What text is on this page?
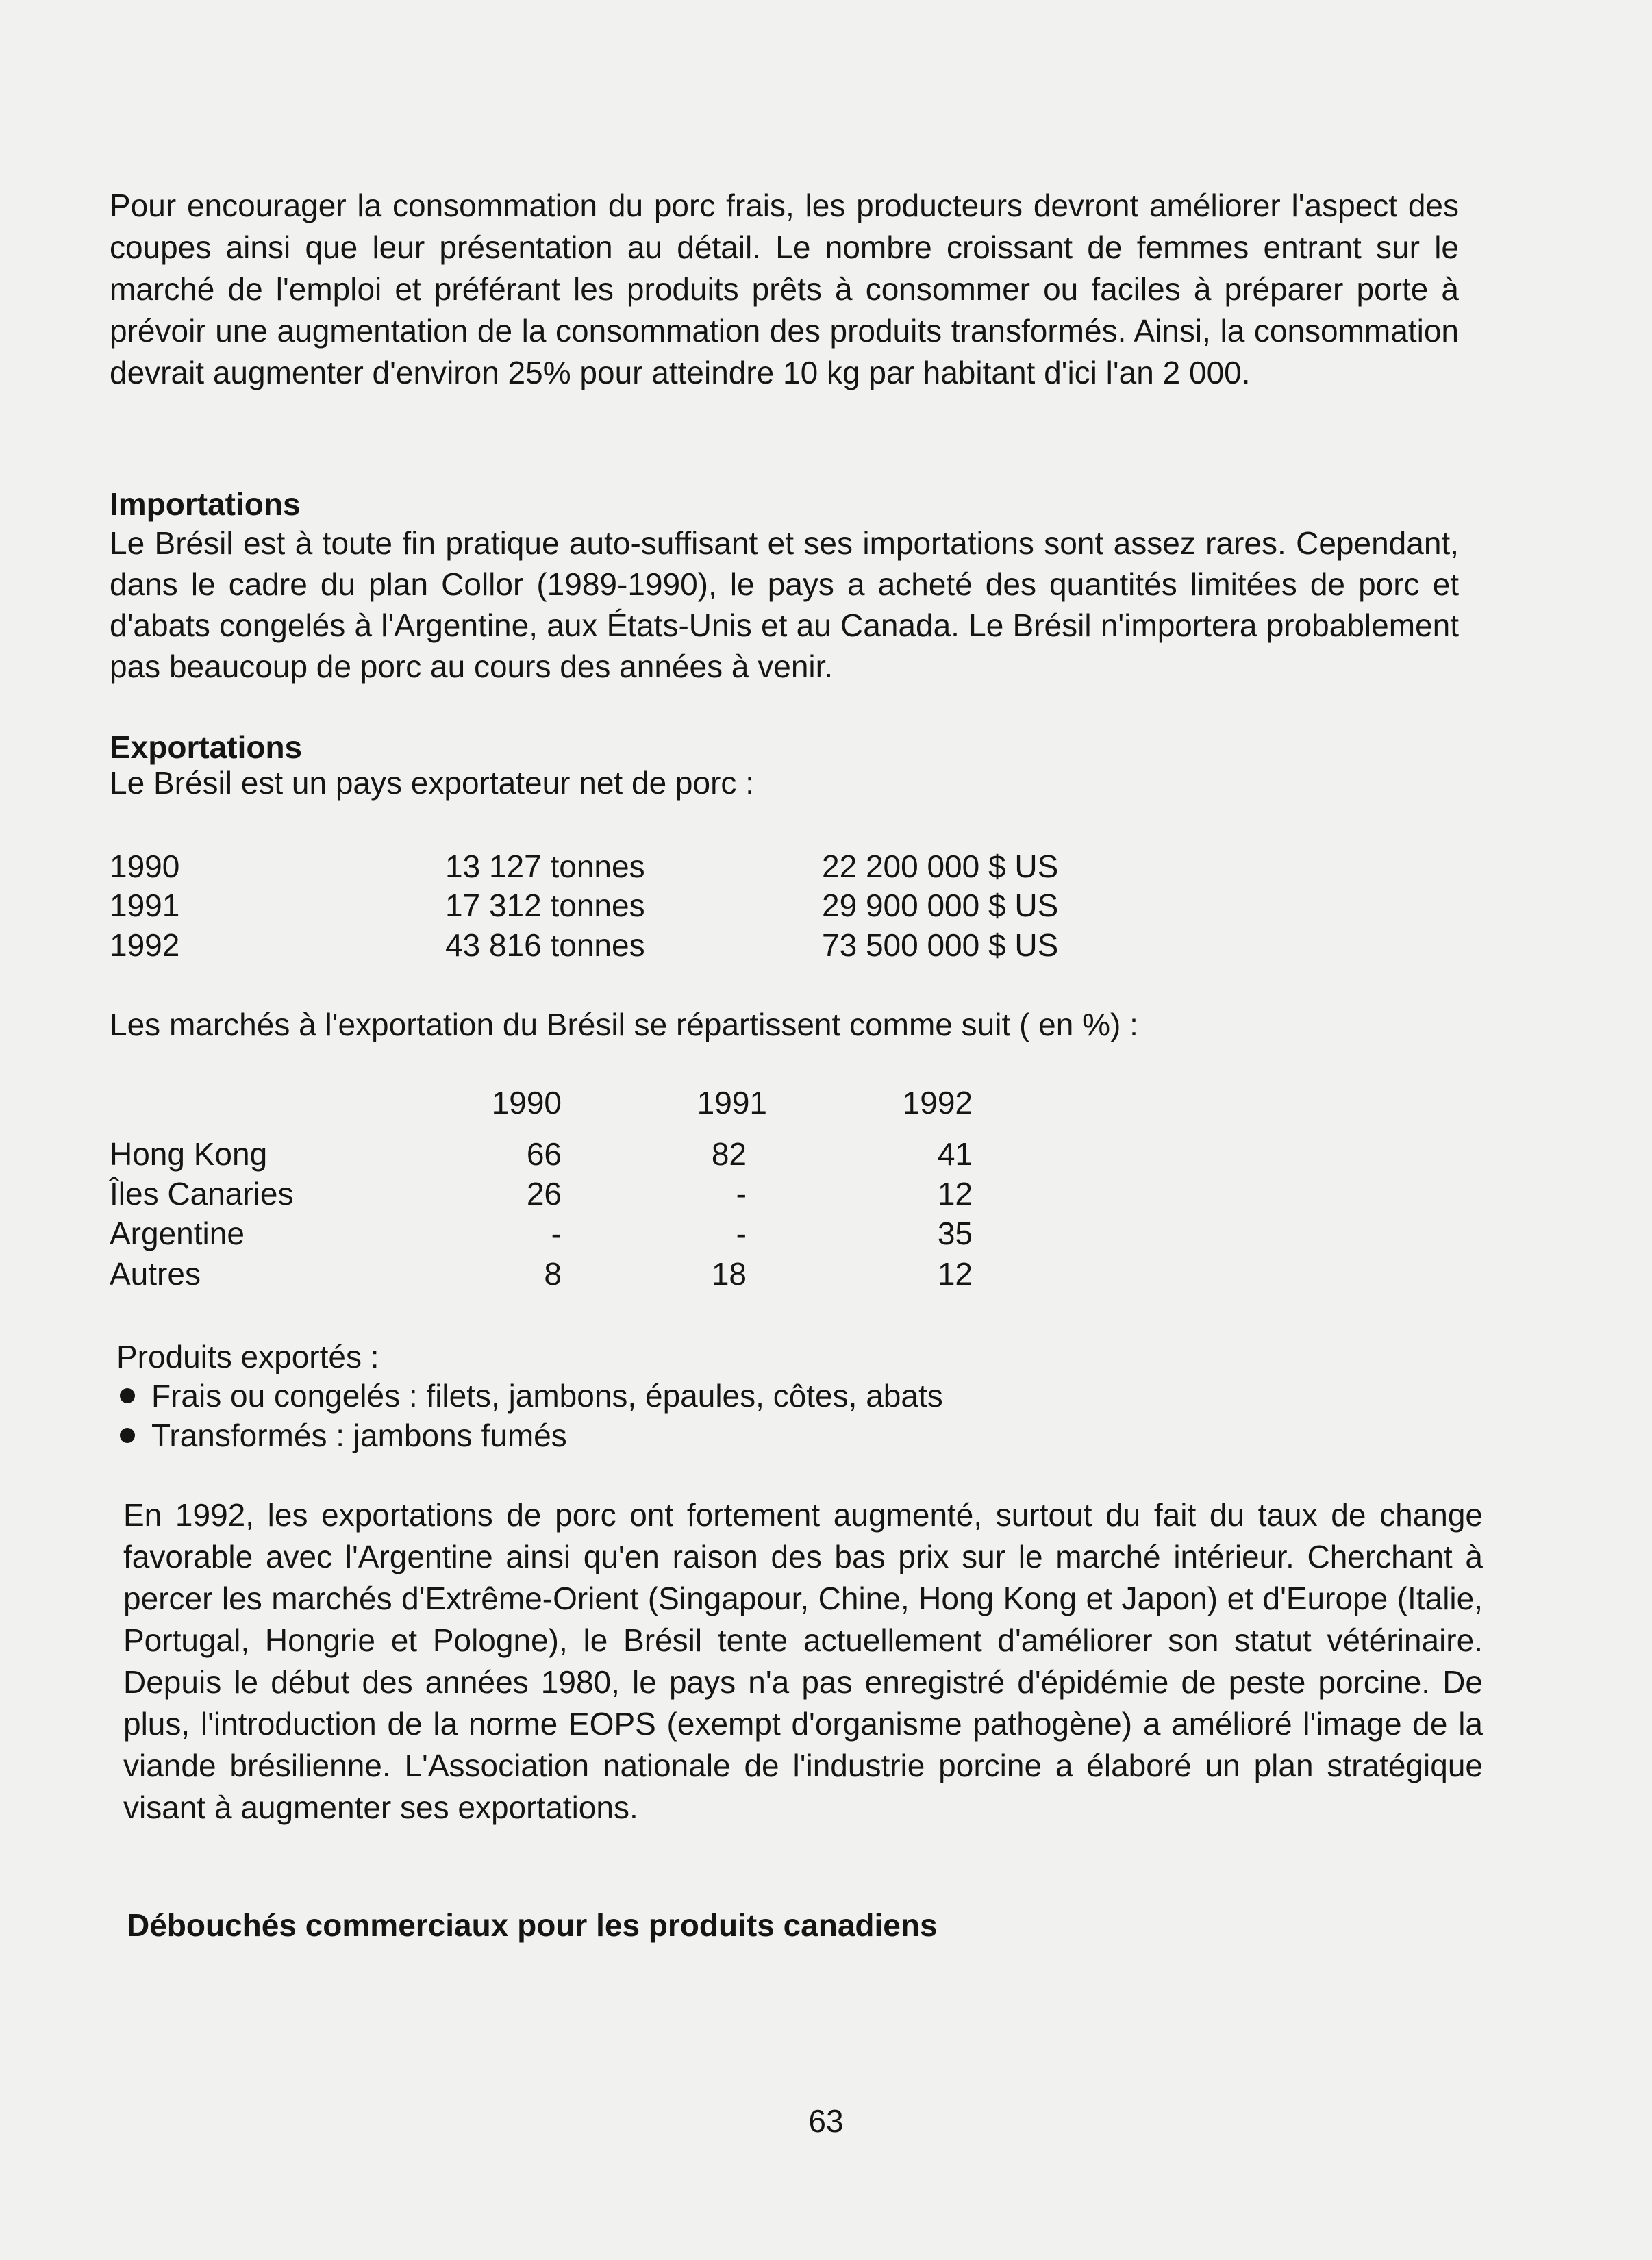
Pour encourager la consommation du porc frais, les producteurs devront améliorer l'aspect des coupes ainsi que leur présentation au détail. Le nombre croissant de femmes entrant sur le marché de l'emploi et préférant les produits prêts à consommer ou faciles à préparer porte à prévoir une augmentation de la consommation des produits transformés. Ainsi, la consommation devrait augmenter d'environ 25% pour atteindre 10 kg par habitant d'ici l'an 2 000.
Importations
Le Brésil est à toute fin pratique auto-suffisant et ses importations sont assez rares. Cependant, dans le cadre du plan Collor (1989-1990), le pays a acheté des quantités limitées de porc et d'abats congelés à l'Argentine, aux États-Unis et au Canada. Le Brésil n'importera probablement pas beaucoup de porc au cours des années à venir.
Exportations
Le Brésil est un pays exportateur net de porc :
1990	13 127 tonnes	22 200 000 $ US
1991	17 312 tonnes	29 900 000 $ US
1992	43 816 tonnes	73 500 000 $ US
Les marchés à l'exportation du Brésil se répartissent comme suit ( en %) :
1990	1991	1992
Hong Kong	66	82	41
Îles Canaries	26	-	12
Argentine	-	-	35
Autres	8	18	12
Produits exportés :
Frais ou congelés : filets, jambons, épaules, côtes, abats
Transformés : jambons fumés
En 1992, les exportations de porc ont fortement augmenté, surtout du fait du taux de change favorable avec l'Argentine ainsi qu'en raison des bas prix sur le marché intérieur. Cherchant à percer les marchés d'Extrême-Orient (Singapour, Chine, Hong Kong et Japon) et d'Europe (Italie, Portugal, Hongrie et Pologne), le Brésil tente actuellement d'améliorer son statut vétérinaire. Depuis le début des années 1980, le pays n'a pas enregistré d'épidémie de peste porcine. De plus, l'introduction de la norme EOPS (exempt d'organisme pathogène) a amélioré l'image de la viande brésilienne. L'Association nationale de l'industrie porcine a élaboré un plan stratégique visant à augmenter ses exportations.
Débouchés commerciaux pour les produits canadiens
63
